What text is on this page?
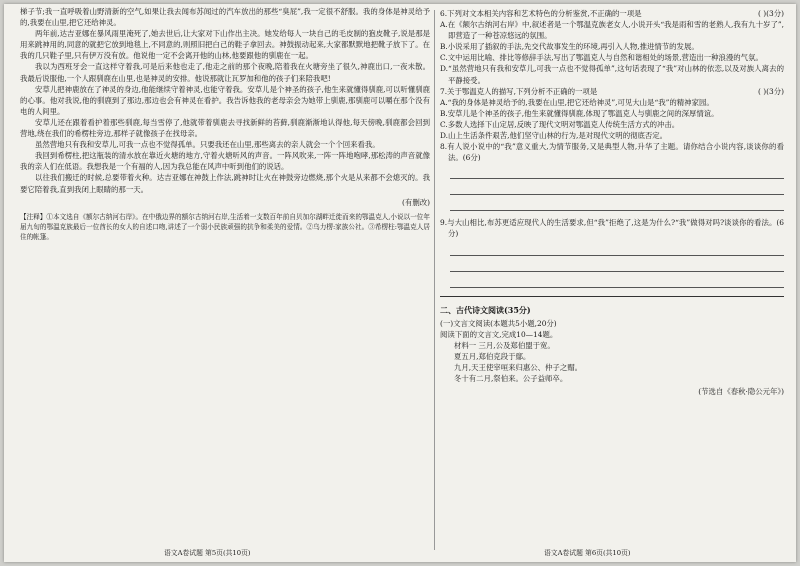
梯子节;我一直呼吸着山野清新的空气,如果让我去闻布苏闻过的汽车放出的那些“臭屁”,我一定很不舒服。我的身体是神灵给予的,我要在山里,把它还给神灵。

两年前,达吉亚娜在暴风雨里淹死了,她去世后,让大家对下山作出主决。她发给每人一块自己的毛皮制的狍皮靴子,说是那是用来跳神用的,同意的就把它放到地毯上,不同意的,则照旧把白己的鞋子拿回去。神鼓振动起来,大家都默默地把靴子放下了。在我的几只鞋子里,只有伊万没有放。他说他一定不会离开他的山林,他要跟他的驯鹿在一起。

我以为西班牙会一直这样守着我,可是后来他也走了,他走之前的那个夜晚,陪着我在火塘旁坐了很久,神鹿出口,一夜未散。我最后说服他,一个人跟驯鹿在山里,也是神灵的安排。他说那就让瓦罗加和他的孩子们来陪我吧!

安草儿把神鹿放在了神灵的身边,他能继续守着神灵,也能守着我。安草儿是个神圣的孩子,他生来就懂得驯鹿,可以听懂驯鹿的心事。他对我说,他的驯鹿到了那边,那边也会有神灵在看护。我告诉他我的老母亲会为她带上驯鹿,那驯鹿可以嚼在那个没有电的人间里。

安草儿还在跟着看护着那些驯鹿,每当雪停了,他就带着驯鹿去寻找新鲜的苔藓,驯鹿渐渐地认得他,每天傍晚,驯鹿都会回到营地,绕在我们的希楞柱旁边,那样子就像孩子在找母亲。

虽然营地只有我和安草儿,可我一点也不觉得孤单。只要我还在山里,那些离去的亲人就会一个个回来看我。

我回到希楞柱,把这瓶装的清水放在靠近火塘的地方,守着火塘听风的声音。一阵风吹来,一阵一阵地咆哮,那松涛的声音就像我的亲人们在低语。我想我是一个有福的人,因为我总能在风声中听到他们的说话。

以往我们搬迁的时候,总要带着火种。达吉亚娜在神鼓上作法,跳神时让火在神鼓旁边燃烧,那个火是从来都不会熄灭的。我要它陪着我,直到我闭上眼睛的那一天。

(有删改)

【注释】①本文选自《额尔古纳河右岸》。在中俄边界的额尔古纳河右岸,生活着一支数百年前自贝加尔湖畔迁徙而来的鄂温克人,小说以一位年届九旬的鄂温克族最后一位酋长的女人的自述口吻,讲述了一个弱小民族顽强的抗争和柔美的爱情。②乌力楞:家族公社。③希楞柱:鄂温克人居住的帐篷。

6.下列对文本相关内容和艺术特色的分析鉴赏,不正确的一项是	( )(3分)

A.在《额尔古纳河右岸》中,叙述者是一个鄂温克族老女人,小说开头“我是雨和雪的老熟人,我有九十岁了”,即营造了一种苍凉悠远的氛围。

B.小说采用了插叙的手法,先交代故事发生的环境,再引入人物,推进情节的发展。

C.文中运用比喻、排比等修辞手法,写出了鄂温克人与自然和谐相处的场景,营造出一种浪漫的气氛。

D.“虽然营地只有我和安草儿,可我一点也不觉得孤单”,这句话表现了“我”对山林的依恋,以及对族人离去的平静接受。

7.关于鄂温克人的描写,下列分析不正确的一项是	( )(3分)

A.“我的身体是神灵给予的,我要在山里,把它还给神灵”,可见大山是“我”的精神家园。

B.安草儿是个神圣的孩子,他生来就懂得驯鹿,体现了鄂温克人与驯鹿之间的深厚情谊。

C.多数人选择下山定居,反映了现代文明对鄂温克人传统生活方式的冲击。

D.山上生活条件艰苦,他们坚守山林的行为,是对现代文明的彻底否定。

8.有人说小说中的“我”意义重大,为情节服务,又是典型人物,升华了主题。请你结合小说内容,谈谈你的看法。(6分)

9.与大山相比,布苏更适应现代人的生活要求,但“我”拒绝了,这是为什么?“我”做得对吗?谈谈你的看法。(6分)

二、古代诗文阅读(35分)

(一)文言文阅读(本题共5小题,20分)

阅读下面的文言文,完成10—14题。

材料一 三月,公及郑伯盟于宽。

夏五月,郑伯克段于鄢。

九月,天王使宰咺来归惠公、仲子之赗。

冬十有二月,祭伯来。公子益师卒。

(节选自《春秋·隐公元年》)

语文A卷试题 第5页(共10页)	语文A卷试题 第6页(共10页)
